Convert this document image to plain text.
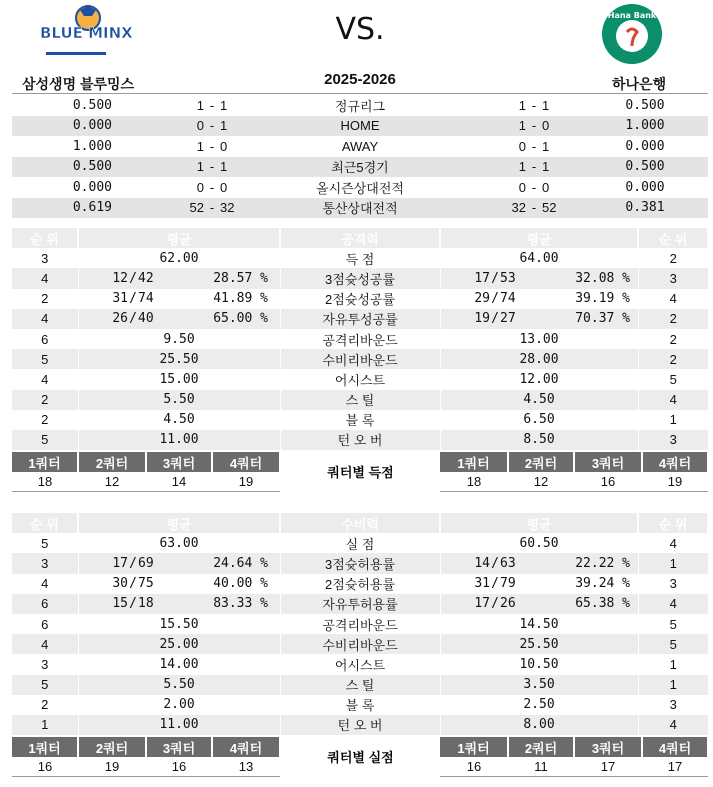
BLUE MINX	VS.	Hana Bank
삼성생명 블루밍스	2025-2026	하나은행
0.500	1	-	1	정규리그	1	-	1	0.500
0.000	0	-	1	HOME	1	-	0	1.000
1.000	1	-	0	AWAY	0	-	1	0.000
0.500	1	-	1	최근5경기	1	-	1	0.500
0.000	0	-	0	올시즌상대전적	0	-	0	0.000
0.619	52	-	32	통산상대전적	32	-	52	0.381
순 위	평균					공격력	평균					순 위
3	62.00					득 점	64.00					2
4	12	/	42	28.57 %		3점슛성공률	17	/	53	32.08 %		3
2	31	/	74	41.89 %		2점슛성공률	29	/	74	39.19 %		4
4	26	/	40	65.00 %		자유투성공률	19	/	27	70.37 %		2
6	9.50					공격리바운드	13.00					2
5	25.50					수비리바운드	28.00					2
4	15.00					어시스트	12.00					5
2	5.50					스 틸	4.50					4
2	4.50					블 록	6.50					1
5	11.00					턴 오 버	8.50					3
1쿼터	2쿼터	3쿼터	4쿼터	쿼터별 득점	1쿼터	2쿼터	3쿼터	4쿼터
18	12	14	19		18	12	16	19
순 위	평균					수비력	평균					순 위
5	63.00					실 점	60.50					4
3	17	/	69	24.64 %		3점슛허용률	14	/	63	22.22 %		1
4	30	/	75	40.00 %		2점슛허용률	31	/	79	39.24 %		3
6	15	/	18	83.33 %		자유투허용률	17	/	26	65.38 %		4
6	15.50					공격리바운드	14.50					5
4	25.00					수비리바운드	25.50					5
3	14.00					어시스트	10.50					1
5	5.50					스 틸	3.50					1
2	2.00					블 록	2.50					3
1	11.00					턴 오 버	8.00					4
1쿼터	2쿼터	3쿼터	4쿼터	쿼터별 실점	1쿼터	2쿼터	3쿼터	4쿼터
16	19	16	13		16	11	17	17
